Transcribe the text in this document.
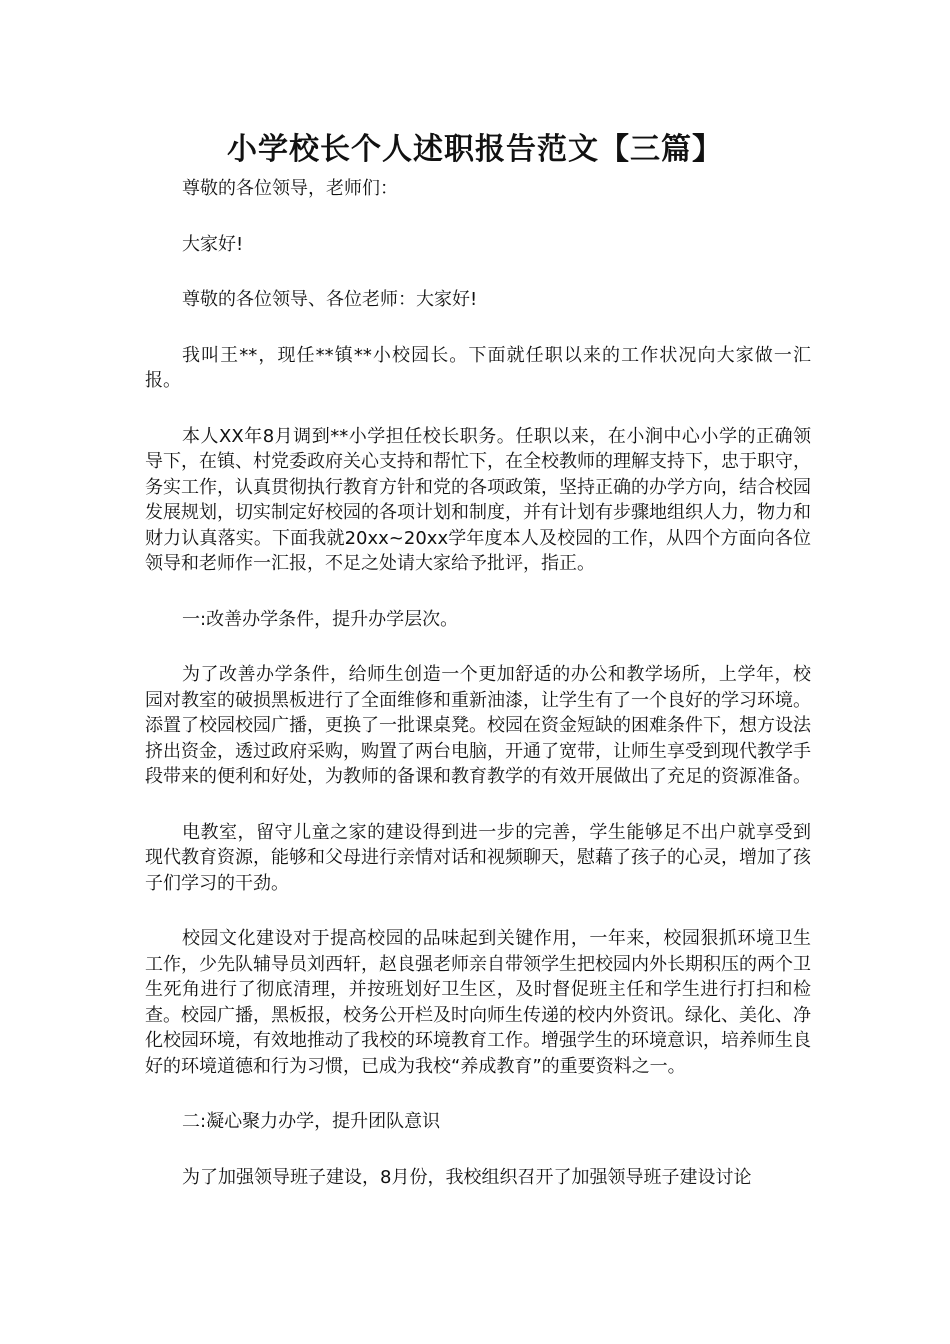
小学校长个人述职报告范文【三篇】

尊敬的各位领导，老师们：

大家好!

尊敬的各位领导、各位老师：大家好!

我叫王**，现任**镇**小校园长。下面就任职以来的工作状况向大家做一汇报。

本人XX年8月调到**小学担任校长职务。任职以来，在小涧中心小学的正确领导下，在镇、村党委政府关心支持和帮忙下，在全校教师的理解支持下，忠于职守，务实工作，认真贯彻执行教育方针和党的各项政策，坚持正确的办学方向，结合校园发展规划，切实制定好校园的各项计划和制度，并有计划有步骤地组织人力，物力和财力认真落实。下面我就20xx~20xx学年度本人及校园的工作，从四个方面向各位领导和老师作一汇报，不足之处请大家给予批评，指正。

一:改善办学条件，提升办学层次。

为了改善办学条件，给师生创造一个更加舒适的办公和教学场所，上学年，校园对教室的破损黑板进行了全面维修和重新油漆，让学生有了一个良好的学习环境。添置了校园校园广播，更换了一批课桌凳。校园在资金短缺的困难条件下，想方设法挤出资金，透过政府采购，购置了两台电脑，开通了宽带，让师生享受到现代教学手段带来的便利和好处，为教师的备课和教育教学的有效开展做出了充足的资源准备。

电教室，留守儿童之家的建设得到进一步的完善，学生能够足不出户就享受到现代教育资源，能够和父母进行亲情对话和视频聊天，慰藉了孩子的心灵，增加了孩子们学习的干劲。

校园文化建设对于提高校园的品味起到关键作用，一年来，校园狠抓环境卫生工作，少先队辅导员刘西轩，赵良强老师亲自带领学生把校园内外长期积压的两个卫生死角进行了彻底清理，并按班划好卫生区，及时督促班主任和学生进行打扫和检查。校园广播，黑板报，校务公开栏及时向师生传递的校内外资讯。绿化、美化、净化校园环境，有效地推动了我校的环境教育工作。增强学生的环境意识，培养师生良好的环境道德和行为习惯，已成为我校“养成教育”的重要资料之一。

二:凝心聚力办学，提升团队意识

为了加强领导班子建设，8月份，我校组织召开了加强领导班子建设讨论
